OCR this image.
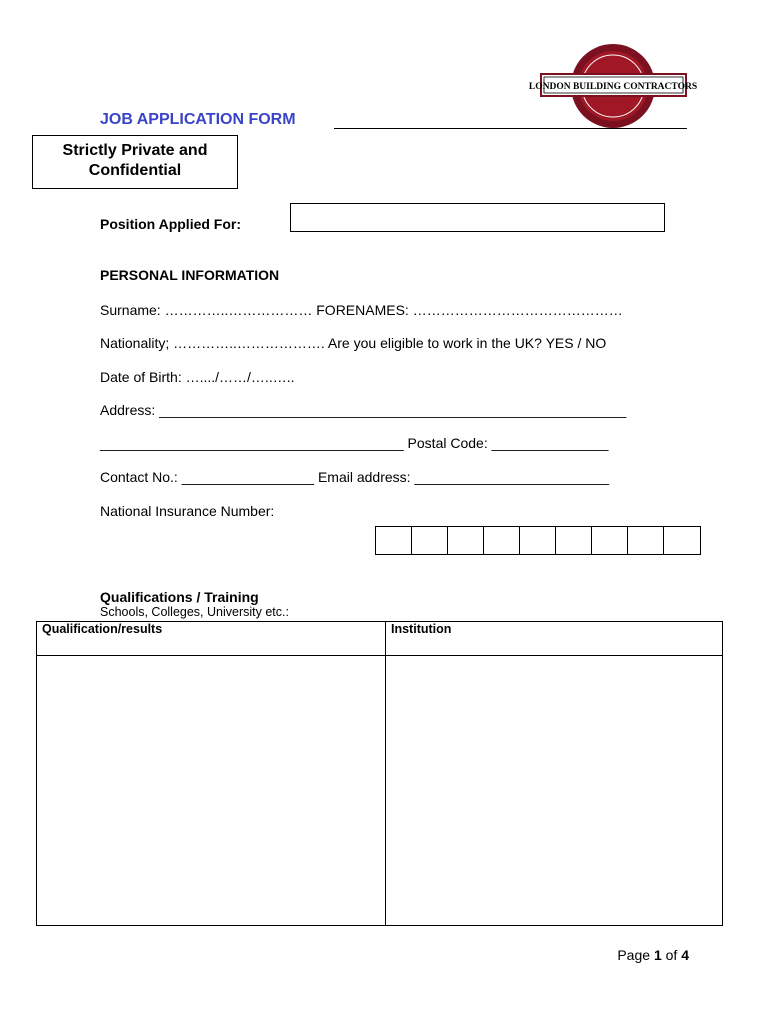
LONDON BUILDING CONTRACTORS
JOB APPLICATION FORM
Strictly Private and
Confidential
Position Applied For:
PERSONAL INFORMATION
Surname: …………..……………… FORENAMES: ………………………………………
Nationality; …………..………………. Are you eligible to work in the UK? YES / NO
Date of Birth: …..../……/…..…..
Address: ____________________________________________________________
_______________________________________ Postal Code: _______________
Contact No.: _________________ Email address: _________________________
National Insurance Number:
Qualifications / Training
Schools, Colleges, University etc.:
Qualification/results	Institution

Page 1 of 4
